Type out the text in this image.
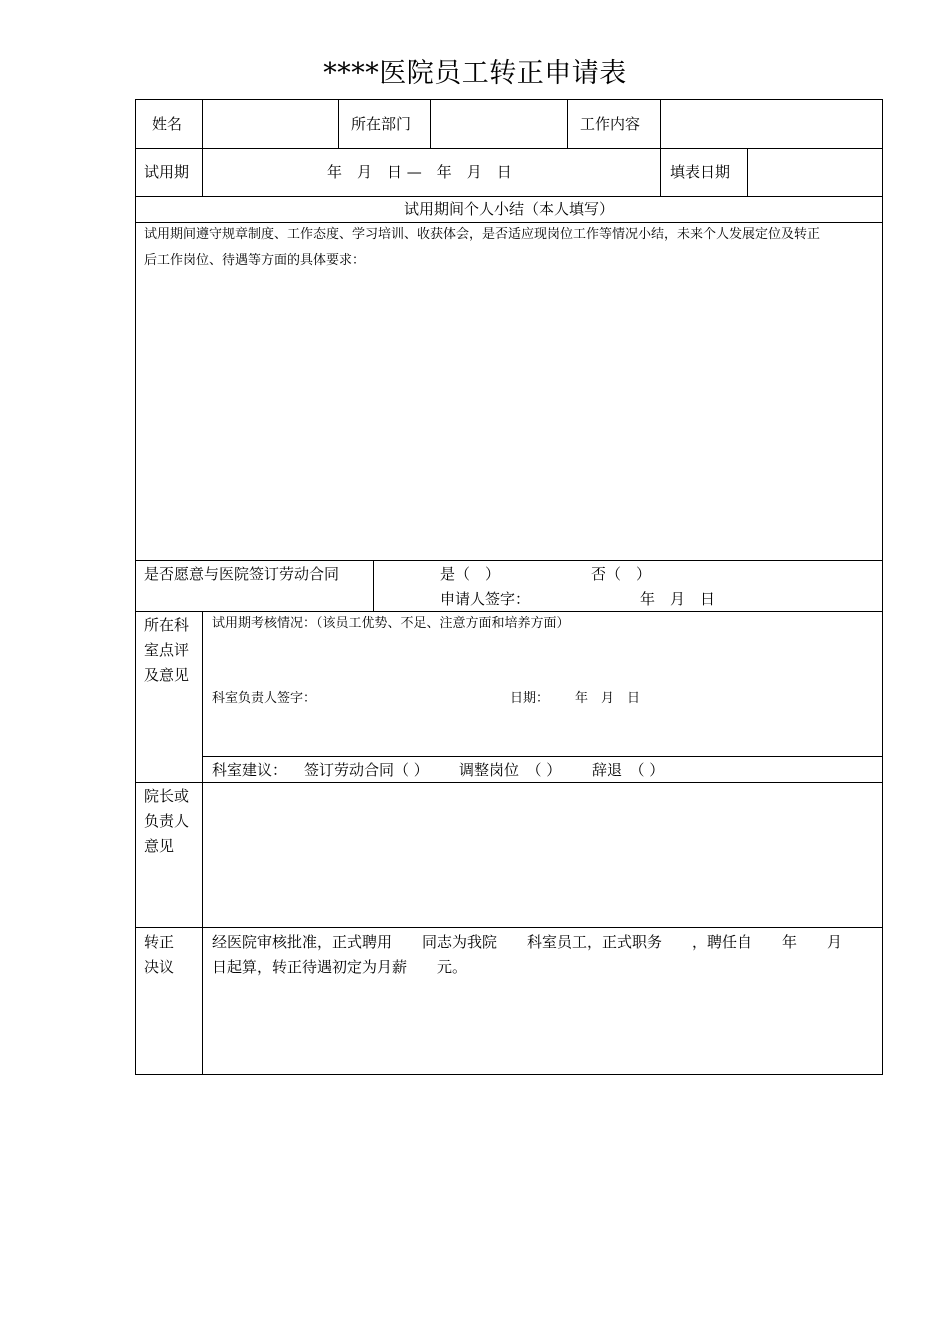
****医院员工转正申请表
姓名	所在部门	工作内容
试用期	年　月　日 —　年　月　日	填表日期
试用期间个人小结（本人填写）
试用期间遵守规章制度、工作态度、学习培训、收获体会，是否适应现岗位工作等情况小结，未来个人发展定位及转正
后工作岗位、待遇等方面的具体要求：
是否愿意与医院签订劳动合同	是（　）	否（　）
申请人签字：	年　月　日
所在科
室点评
及意见
试用期考核情况：（该员工优势、不足、注意方面和培养方面）
科室负责人签字：	日期： 年　月　日
科室建议： 签订劳动合同（ ） 调整岗位　（ ） 辞退　（ ）
院长或
负责人
意见
转正
决议
经医院审核批准，正式聘用　　同志为我院　　科室员工，正式职务　　，聘任自　　年　　月
日起算，转正待遇初定为月薪　　元。
